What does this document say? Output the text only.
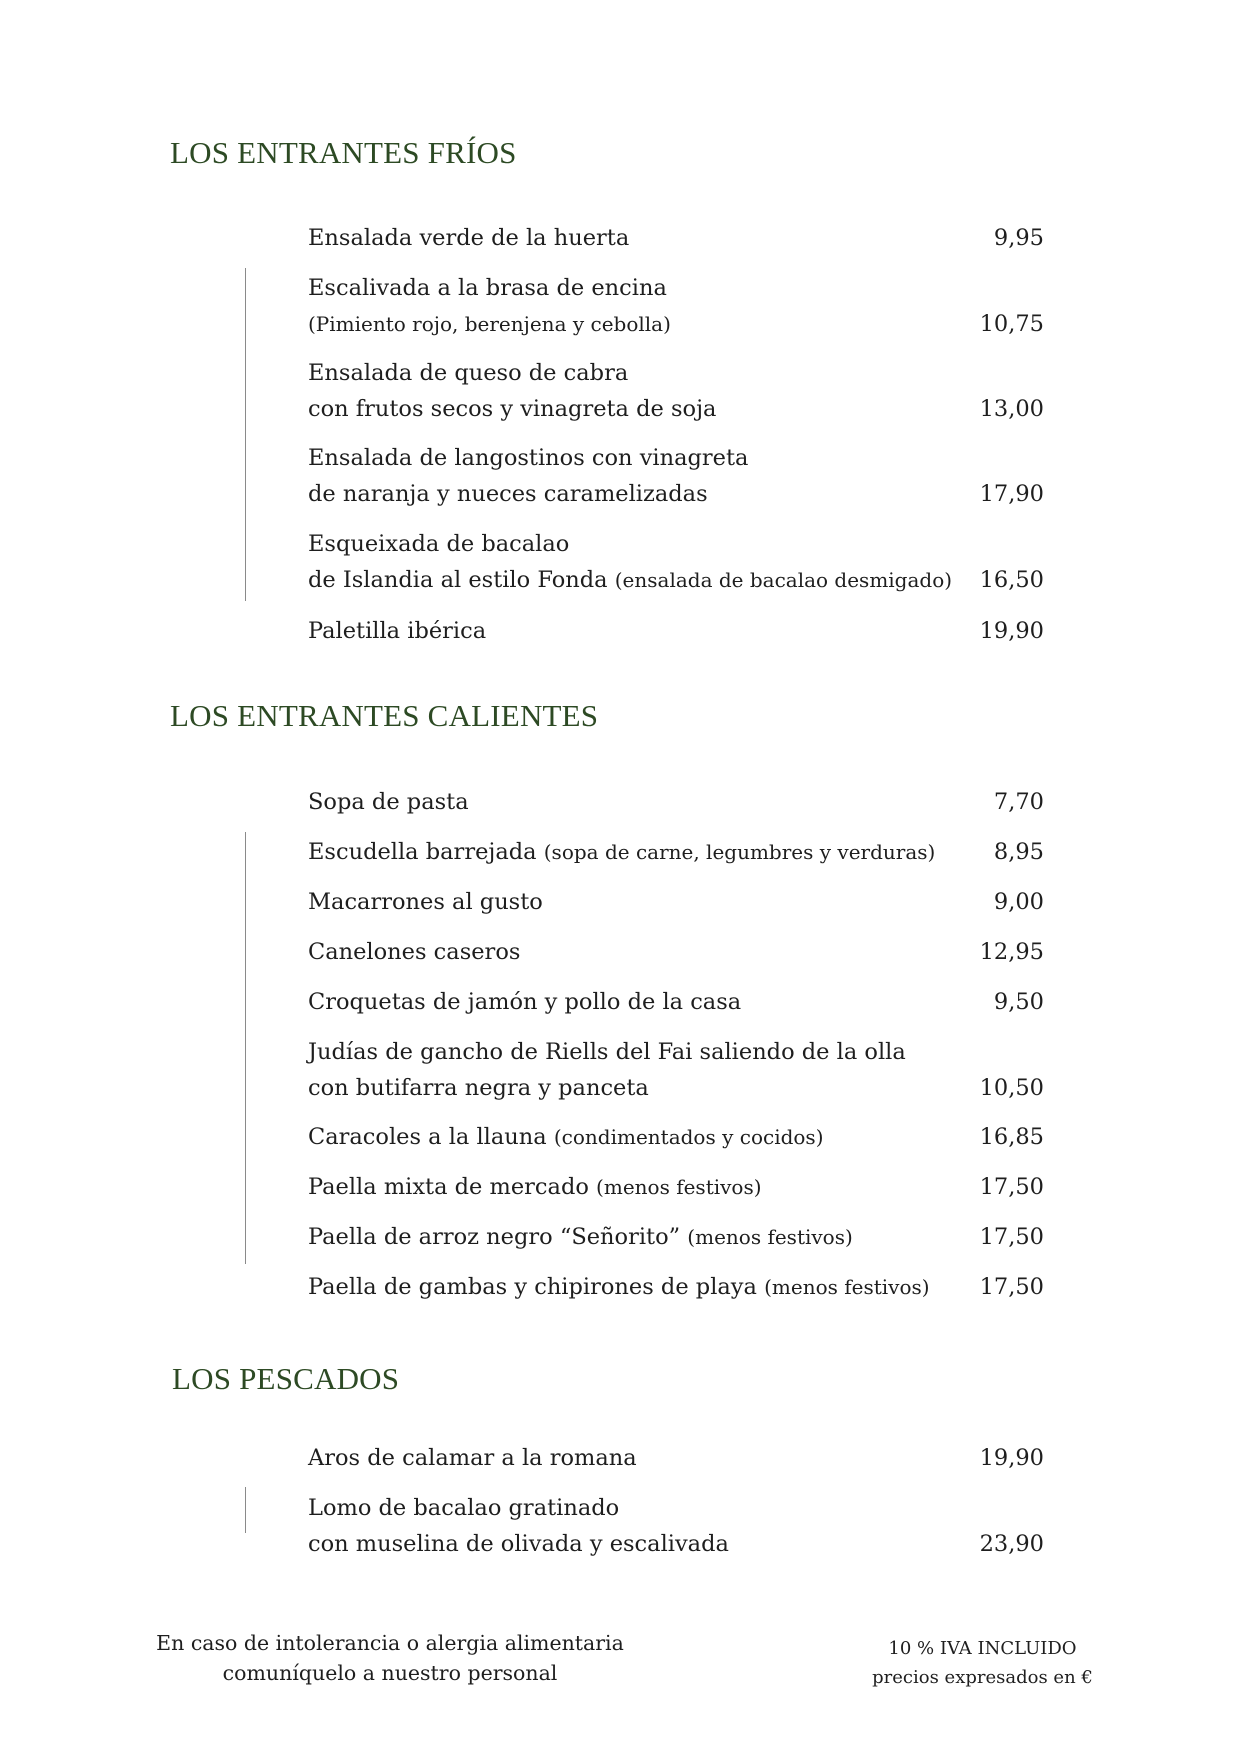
LOS ENTRANTES FRÍOS
Ensalada verde de la huerta	9,95
Escalivada a la brasa de encina
(Pimiento rojo, berenjena y cebolla)	10,75
Ensalada de queso de cabra
con frutos secos y vinagreta de soja	13,00
Ensalada de langostinos con vinagreta
de naranja y nueces caramelizadas	17,90
Esqueixada de bacalao
de Islandia al estilo Fonda (ensalada de bacalao desmigado)	16,50
Paletilla ibérica	19,90
LOS ENTRANTES CALIENTES
Sopa de pasta	7,70
Escudella barrejada (sopa de carne, legumbres y verduras)	8,95
Macarrones al gusto	9,00
Canelones caseros	12,95
Croquetas de jamón y pollo de la casa	9,50
Judías de gancho de Riells del Fai saliendo de la olla
con butifarra negra y panceta	10,50
Caracoles a la llauna (condimentados y cocidos)	16,85
Paella mixta de mercado (menos festivos)	17,50
Paella de arroz negro “Señorito” (menos festivos)	17,50
Paella de gambas y chipirones de playa (menos festivos)	17,50
LOS PESCADOS
Aros de calamar a la romana	19,90
Lomo de bacalao gratinado
con muselina de olivada y escalivada	23,90
En caso de intolerancia o alergia alimentaria
comuníquelo a nuestro personal
10 % IVA INCLUIDO
precios expresados en €
